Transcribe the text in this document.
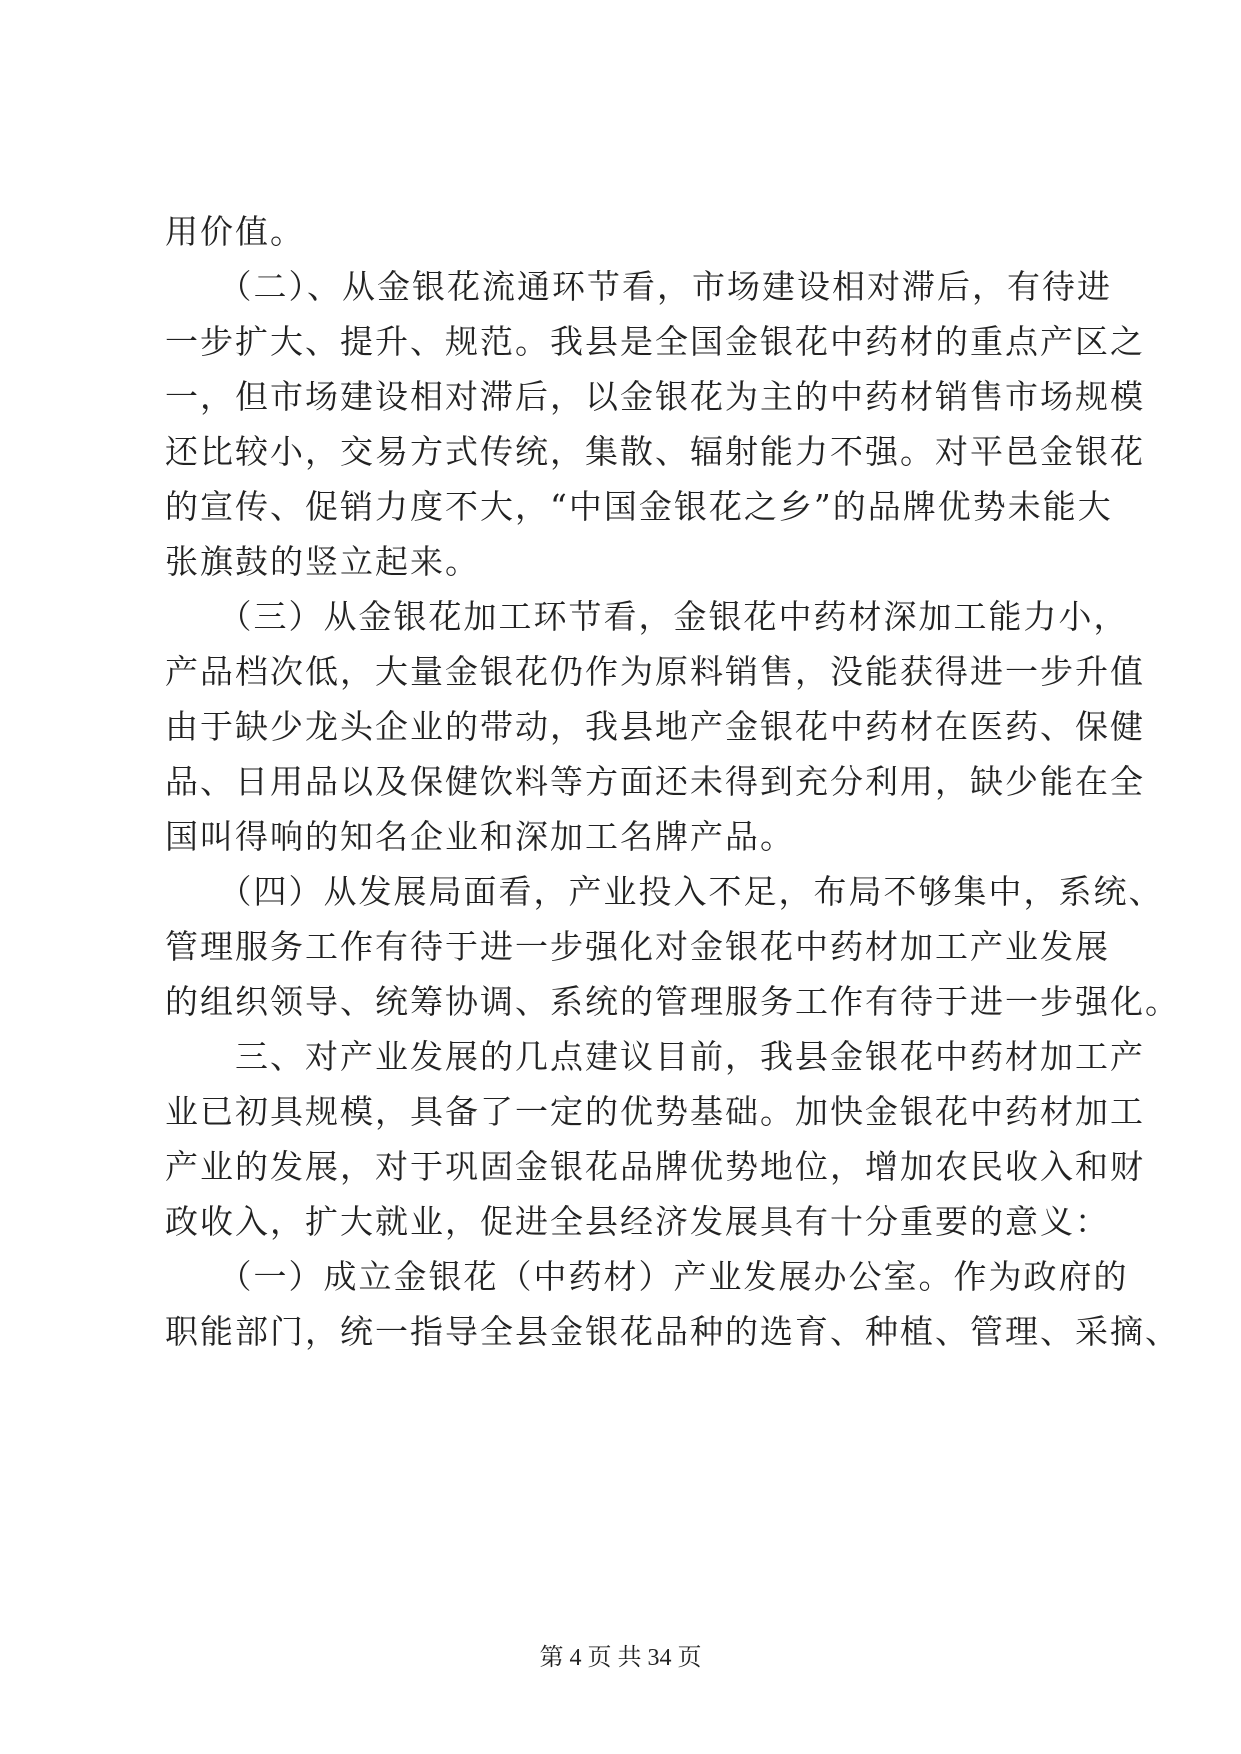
用价值。
　　（二）、从金银花流通环节看，市场建设相对滞后，有待进
一步扩大、提升、规范。我县是全国金银花中药材的重点产区之
一，但市场建设相对滞后，以金银花为主的中药材销售市场规模
还比较小，交易方式传统，集散、辐射能力不强。对平邑金银花
的宣传、促销力度不大，“中国金银花之乡”的品牌优势未能大
张旗鼓的竖立起来。
　　（三）从金银花加工环节看，金银花中药材深加工能力小，
产品档次低，大量金银花仍作为原料销售，没能获得进一步升值
由于缺少龙头企业的带动，我县地产金银花中药材在医药、保健
品、日用品以及保健饮料等方面还未得到充分利用，缺少能在全
国叫得响的知名企业和深加工名牌产品。
　　（四）从发展局面看，产业投入不足，布局不够集中，系统、
管理服务工作有待于进一步强化对金银花中药材加工产业发展
的组织领导、统筹协调、系统的管理服务工作有待于进一步强化。
　　三、对产业发展的几点建议目前，我县金银花中药材加工产
业已初具规模，具备了一定的优势基础。加快金银花中药材加工
产业的发展，对于巩固金银花品牌优势地位，增加农民收入和财
政收入，扩大就业，促进全县经济发展具有十分重要的意义：
　　（一）成立金银花（中药材）产业发展办公室。作为政府的
职能部门，统一指导全县金银花品种的选育、种植、管理、采摘、
第 4 页 共 34 页
